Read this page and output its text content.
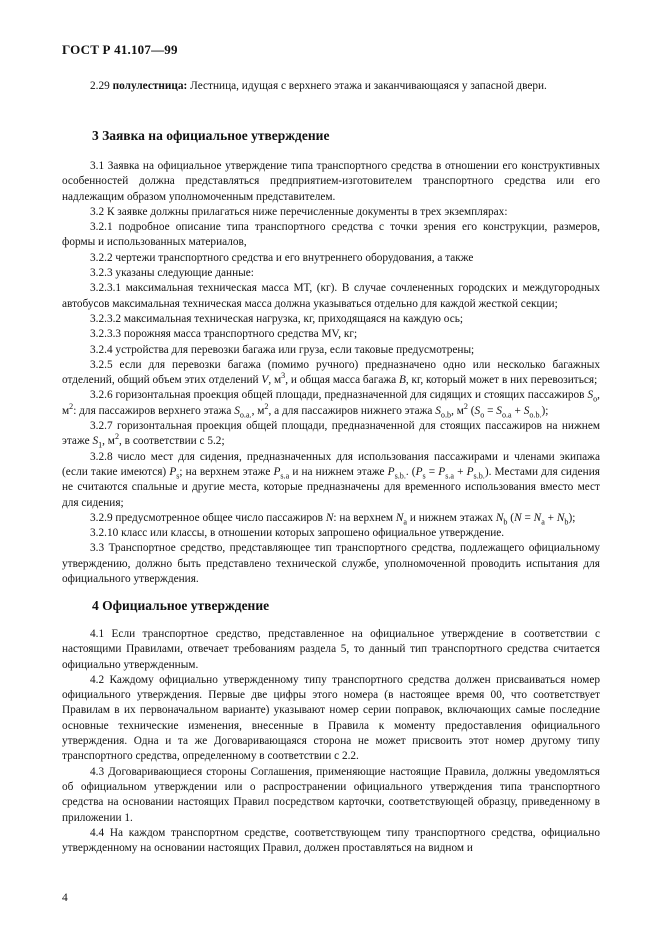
ГОСТ Р 41.107—99

2.29 полулестница: Лестница, идущая с верхнего этажа и заканчивающаяся у запасной двери.

3 Заявка на официальное утверждение

3.1 Заявка на официальное утверждение типа транспортного средства в отношении его конструктивных особенностей должна представляться предприятием-изготовителем транспортного средства или его надлежащим образом уполномоченным представителем.

3.2 К заявке должны прилагаться ниже перечисленные документы в трех экземплярах:

3.2.1 подробное описание типа транспортного средства с точки зрения его конструкции, размеров, формы и использованных материалов,

3.2.2 чертежи транспортного средства и его внутреннего оборудования, а также

3.2.3 указаны следующие данные:

3.2.3.1 максимальная техническая масса МТ, (кг). В случае сочлененных городских и междугородных автобусов максимальная техническая масса должна указываться отдельно для каждой жесткой секции;

3.2.3.2 максимальная техническая нагрузка, кг, приходящаяся на каждую ось;

3.2.3.3 порожняя масса транспортного средства MV, кг;

3.2.4 устройства для перевозки багажа или груза, если таковые предусмотрены;

3.2.5 если для перевозки багажа (помимо ручного) предназначено одно или несколько багажных отделений, общий объем этих отделений V, $м^3$, и общая масса багажа B, кг, который может в них перевозиться;

3.2.6 горизонтальная проекция общей площади, предназначенной для сидящих и стоящих пассажиров $S_o$, $м^2$: для пассажиров верхнего этажа $S_{o.a.}$, $м^2$, а для пассажиров нижнего этажа $S_{o.b}$, $м^2$ $(S_o = S_{o.a} + S_{o.b.})$;

3.2.7 горизонтальная проекция общей площади, предназначенной для стоящих пассажиров на нижнем этаже $S_1$, $м^2$, в соответствии с 5.2;

3.2.8 число мест для сидения, предназначенных для использования пассажирами и членами экипажа (если такие имеются) $P_s$; на верхнем этаже $P_{s.a}$ и на нижнем этаже $P_{s.b.}$. $(P_s = P_{s.a} + P_{s.b.})$. Местами для сидения не считаются спальные и другие места, которые предназначены для временного использования вместо мест для сидения;

3.2.9 предусмотренное общее число пассажиров N: на верхнем $N_a$ и нижнем этажах $N_b$ $(N = N_a + N_b)$;

3.2.10 класс или классы, в отношении которых запрошено официальное утверждение.

3.3 Транспортное средство, представляющее тип транспортного средства, подлежащего официальному утверждению, должно быть представлено технической службе, уполномоченной проводить испытания для официального утверждения.

4 Официальное утверждение

4.1 Если транспортное средство, представленное на официальное утверждение в соответствии с настоящими Правилами, отвечает требованиям раздела 5, то данный тип транспортного средства считается официально утвержденным.

4.2 Каждому официально утвержденному типу транспортного средства должен присваиваться номер официального утверждения. Первые две цифры этого номера (в настоящее время 00, что соответствует Правилам в их первоначальном варианте) указывают номер серии поправок, включающих самые последние основные технические изменения, внесенные в Правила к моменту предоставления официального утверждения. Одна и та же Договаривающаяся сторона не может присвоить этот номер другому типу транспортного средства, определенному в соответствии с 2.2.

4.3 Договаривающиеся стороны Соглашения, применяющие настоящие Правила, должны уведомляться об официальном утверждении или о распространении официального утверждения типа транспортного средства на основании настоящих Правил посредством карточки, соответствующей образцу, приведенному в приложении 1.

4.4 На каждом транспортном средстве, соответствующем типу транспортного средства, официально утвержденному на основании настоящих Правил, должен проставляться на видном и

4
